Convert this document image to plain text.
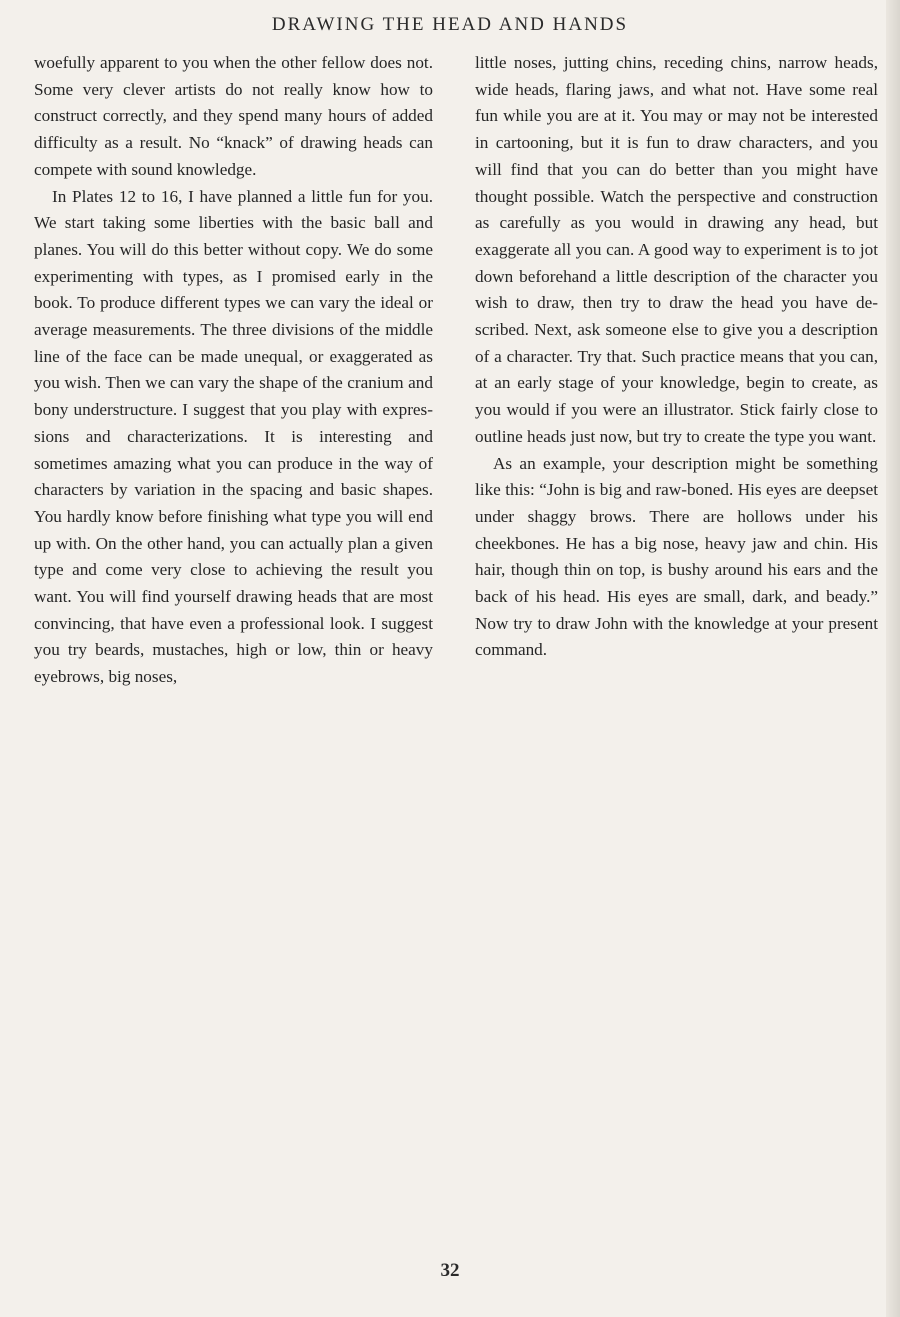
DRAWING THE HEAD AND HANDS

woefully apparent to you when the other fellow does not. Some very clever artists do not really know how to construct correctly, and they spend many hours of added difficulty as a result. No “knack” of drawing heads can compete with sound knowledge.

In Plates 12 to 16, I have planned a little fun for you. We start taking some liberties with the basic ball and planes. You will do this better without copy. We do some experimenting with types, as I promised early in the book. To produce different types we can vary the ideal or average measurements. The three divisions of the middle line of the face can be made unequal, or exaggerated as you wish. Then we can vary the shape of the cranium and bony understructure. I suggest that you play with expressions and characterizations. It is interesting and sometimes amazing what you can produce in the way of characters by variation in the spacing and basic shapes. You hardly know before finishing what type you will end up with. On the other hand, you can actually plan a given type and come very close to achieving the result you want. You will find yourself drawing heads that are most convincing, that have even a professional look. I suggest you try beards, mustaches, high or low, thin or heavy eyebrows, big noses,

little noses, jutting chins, receding chins, narrow heads, wide heads, flaring jaws, and what not. Have some real fun while you are at it. You may or may not be interested in cartooning, but it is fun to draw characters, and you will find that you can do better than you might have thought possible. Watch the perspective and construction as carefully as you would in drawing any head, but exaggerate all you can. A good way to experiment is to jot down beforehand a little description of the character you wish to draw, then try to draw the head you have described. Next, ask someone else to give you a description of a character. Try that. Such practice means that you can, at an early stage of your knowledge, begin to create, as you would if you were an illustrator. Stick fairly close to outline heads just now, but try to create the type you want.

As an example, your description might be something like this: “John is big and raw-boned. His eyes are deepset under shaggy brows. There are hollows under his cheekbones. He has a big nose, heavy jaw and chin. His hair, though thin on top, is bushy around his ears and the back of his head. His eyes are small, dark, and beady.” Now try to draw John with the knowledge at your present command.

32
